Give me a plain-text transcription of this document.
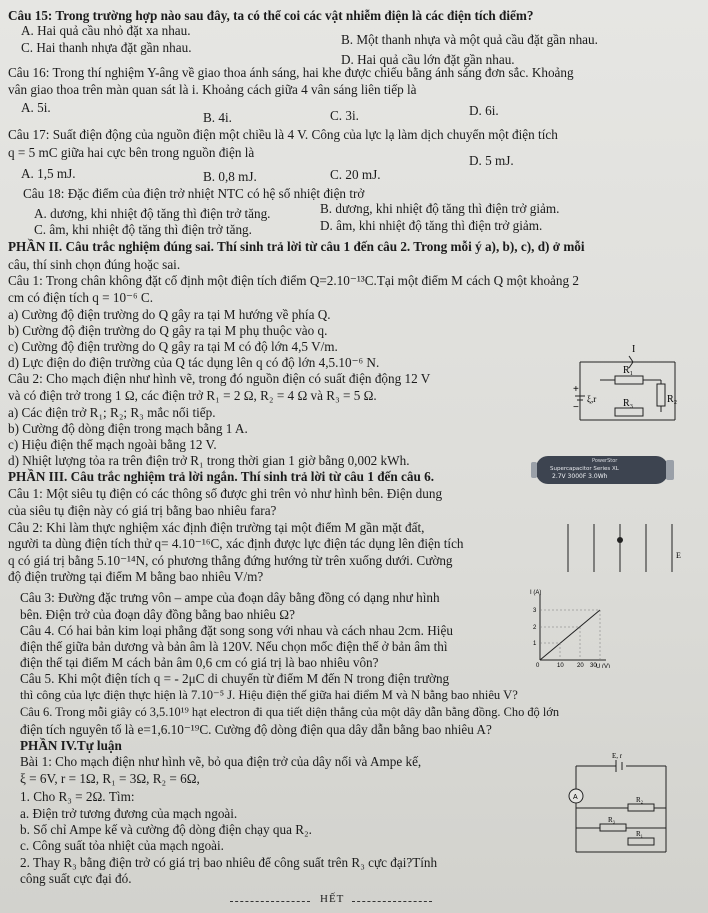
Câu 15: Trong trường hợp nào sau đây, ta có thể coi các vật nhiễm điện là các điện tích điểm?
A. Hai quả cầu nhỏ đặt xa nhau.
B. Một thanh nhựa và một quả cầu đặt gần nhau.
C. Hai thanh nhựa đặt gần nhau.
D. Hai quả cầu lớn đặt gần nhau.
Câu 16: Trong thí nghiệm Y-âng về giao thoa ánh sáng, hai khe được chiếu bằng ánh sáng đơn sắc. Khoảng
vân giao thoa trên màn quan sát là i. Khoảng cách giữa 4 vân sáng liên tiếp là
A. 5i.
B. 4i.	C. 3i.	D. 6i.
Câu 17: Suất điện động của nguồn điện một chiều là 4 V. Công của lực lạ làm dịch chuyển một điện tích
q = 5 mC giữa hai cực bên trong nguồn điện là
A. 1,5 mJ.	B. 0,8 mJ.	C. 20 mJ.
D. 5 mJ.
Câu 18: Đặc điểm của điện trở nhiệt NTC có hệ số nhiệt điện trở
A. dương, khi nhiệt độ tăng thì điện trở tăng.	B. dương, khi nhiệt độ tăng thì điện trở giảm.
C. âm, khi nhiệt độ tăng thì điện trở tăng.	D. âm, khi nhiệt độ tăng thì điện trở giảm.
PHẦN II. Câu trắc nghiệm đúng sai. Thí sinh trả lời từ câu 1 đến câu 2. Trong mỗi ý a), b), c), d) ở mỗi
câu, thí sinh chọn đúng hoặc sai.
Câu 1: Trong chân không đặt cố định một điện tích điểm Q=2.10⁻¹³C.Tại một điểm M cách Q một khoảng 2
cm có điện tích q = 10⁻⁶ C.
a) Cường độ điện trường do Q gây ra tại M hướng về phía Q.
b) Cường độ điện trường do Q gây ra tại M phụ thuộc vào q.
c) Cường độ điện trường do Q gây ra tại M có độ lớn 4,5 V/m.
d) Lực điện do điện trường của Q tác dụng lên q có độ lớn 4,5.10⁻⁶ N.
Câu 2: Cho mạch điện như hình vẽ, trong đó nguồn điện có suất điện động 12 V
và có điện trở trong 1 Ω, các điện trở R₁ = 2 Ω, R₂ = 4 Ω và R₃ = 5 Ω.
a) Các điện trở R₁; R₂; R₃ mắc nối tiếp.
b) Cường độ dòng điện trong mạch bằng 1 A.
c) Hiệu điện thế mạch ngoài bằng 12 V.
d) Nhiệt lượng tỏa ra trên điện trở R₁ trong thời gian 1 giờ bằng 0,002 kWh.
PHẦN III. Câu trắc nghiệm trả lời ngắn. Thí sinh trả lời từ câu 1 đến câu 6.
Câu 1: Một siêu tụ điện có các thông số được ghi trên vỏ như hình bên. Điện dung
của siêu tụ điện này có giá trị bằng bao nhiêu fara?
Câu 2: Khi làm thực nghiệm xác định điện trường tại một điểm M gần mặt đất,
người ta dùng điện tích thử q= 4.10⁻¹⁶C, xác định được lực điện tác dụng lên điện tích
q có giá trị bằng 5.10⁻¹⁴N, có phương thẳng đứng hướng từ trên xuống dưới. Cường
độ điện trường tại điểm M bằng bao nhiêu V/m?
Câu 3: Đường đặc trưng vôn – ampe của đoạn dây bằng đồng có dạng như hình
bên. Điện trở của đoạn dây đồng bằng bao nhiêu Ω?
Câu 4. Có hai bản kim loại phẳng đặt song song với nhau và cách nhau 2cm. Hiệu
điện thế giữa bản dương và bản âm là 120V. Nếu chọn mốc điện thế ở bản âm thì
điện thế tại điểm M cách bản âm 0,6 cm có giá trị là bao nhiêu vôn?
Câu 5. Khi một điện tích q = - 2μC di chuyển từ điểm M đến N trong điện trường
thì công của lực điện thực hiện là 7.10⁻⁵ J. Hiệu điện thế giữa hai điểm M và N bằng bao nhiêu V?
Câu 6. Trong mỗi giây có 3,5.10¹⁹ hạt electron đi qua tiết diện thẳng của một dây dẫn bằng đồng. Cho độ lớn
điện tích nguyên tố là e=1,6.10⁻¹⁹C. Cường độ dòng điện qua dây dẫn bằng bao nhiêu A?
PHẦN IV.Tự luận
Bài 1: Cho mạch điện như hình vẽ, bỏ qua điện trở của dây nối và Ampe kế,
ξ = 6V, r = 1Ω, R₁ = 3Ω, R₂ = 6Ω,
1. Cho R₃ = 2Ω. Tìm:
a. Điện trở tương đương của mạch ngoài.
b. Số chỉ Ampe kế và cường độ dòng điện chạy qua R₂.
c. Công suất tỏa nhiệt của mạch ngoài.
2. Thay R₃ bằng điện trở có giá trị bao nhiêu để công suất trên R₃ cực đại?Tính
công suất cực đại đó.
HẾT
I
R₁
R₂
R₃
ξ,r
+
−
PowerStor
Supercapacitor Series XL
2.7V 3000F 3.0Wh
E
I (A)
U (V)
1
2
3
0	10 20 30
E, r
A	R₂
R₃
R₁
